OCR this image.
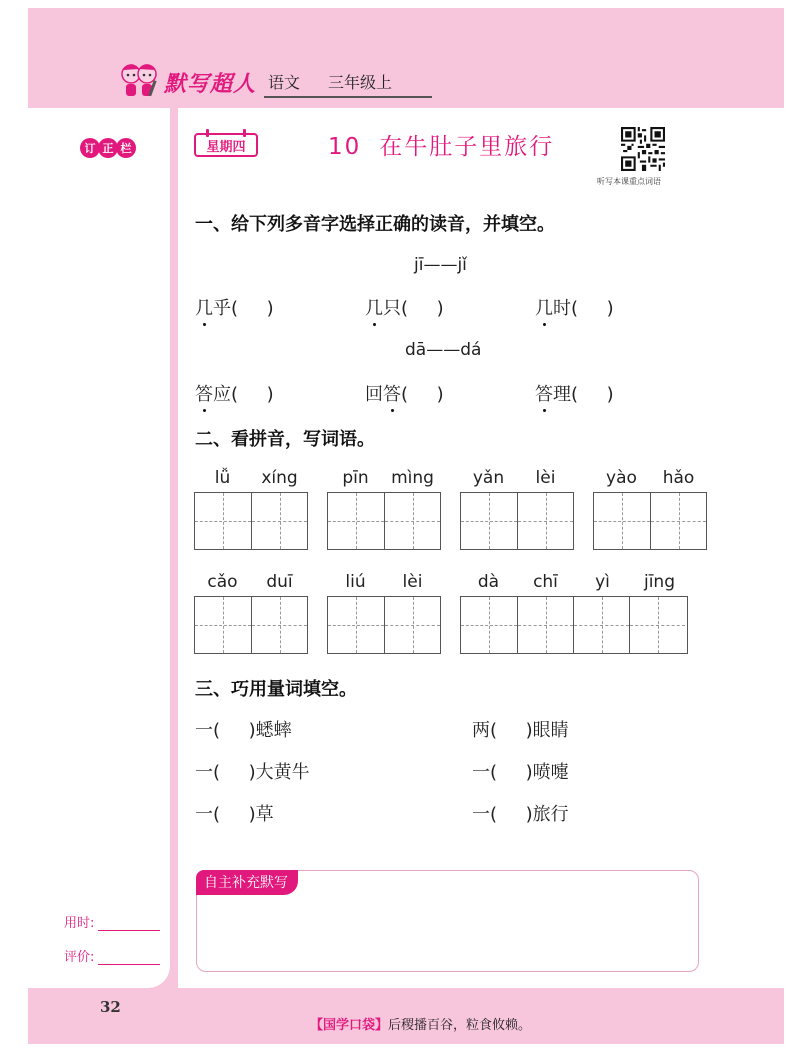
默写超人 语文	三年级上
订 正 栏	星期四	10 在牛肚子里旅行
听写本课重点词语
一、给下列多音字选择正确的读音，并填空。
jī——jǐ
几乎(     )	几只(     )	几时(     )
dā——dá
答应(     )	回答(     )	答理(     )
二、看拼音，写词语。
lǚ	xíng	pīn	mìng	yǎn	lèi	yào	hǎo
cǎo	duī	liú	lèi	dà	chī	yì	jīng
三、巧用量词填空。
一(     )蟋蟀	两(     )眼睛
一(     )大黄牛	一(     )喷嚏
一(     )草	一(     )旅行
自主补充默写
用时:
评价:
32
【国学口袋】后稷播百谷，粒食攸赖。
